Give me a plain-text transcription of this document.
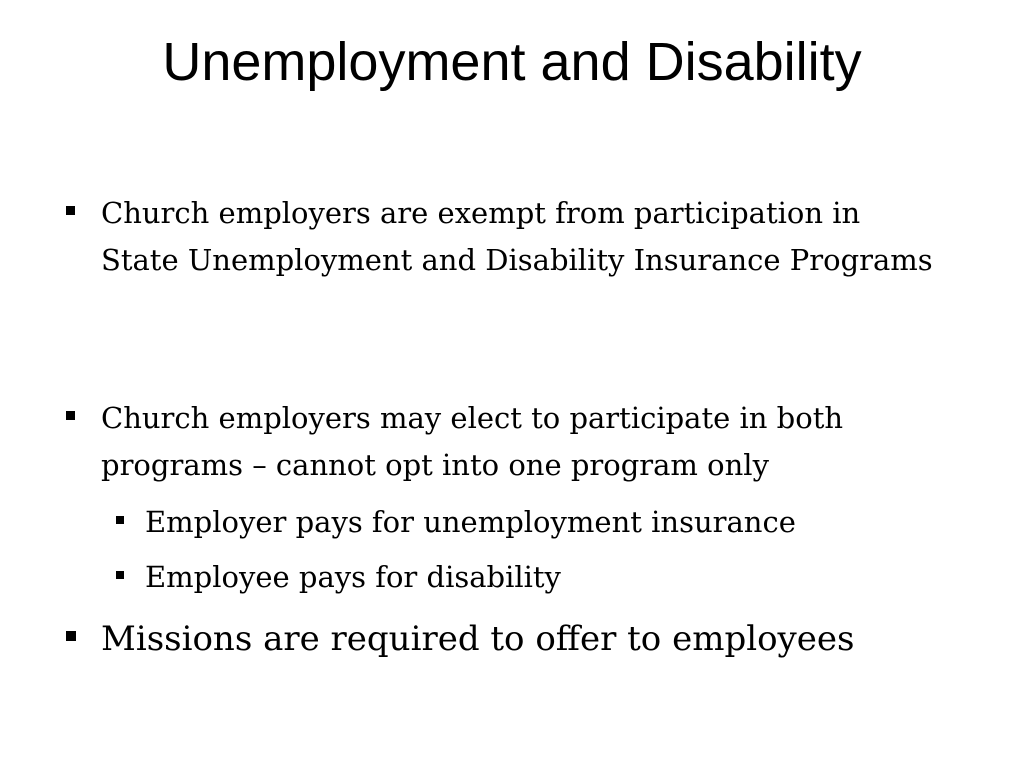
Unemployment and Disability
Church employers are exempt from participation in State Unemployment and Disability Insurance Programs
Church employers may elect to participate in both programs – cannot opt into one program only
Employer pays for unemployment insurance
Employee pays for disability
Missions are required to offer to employees
